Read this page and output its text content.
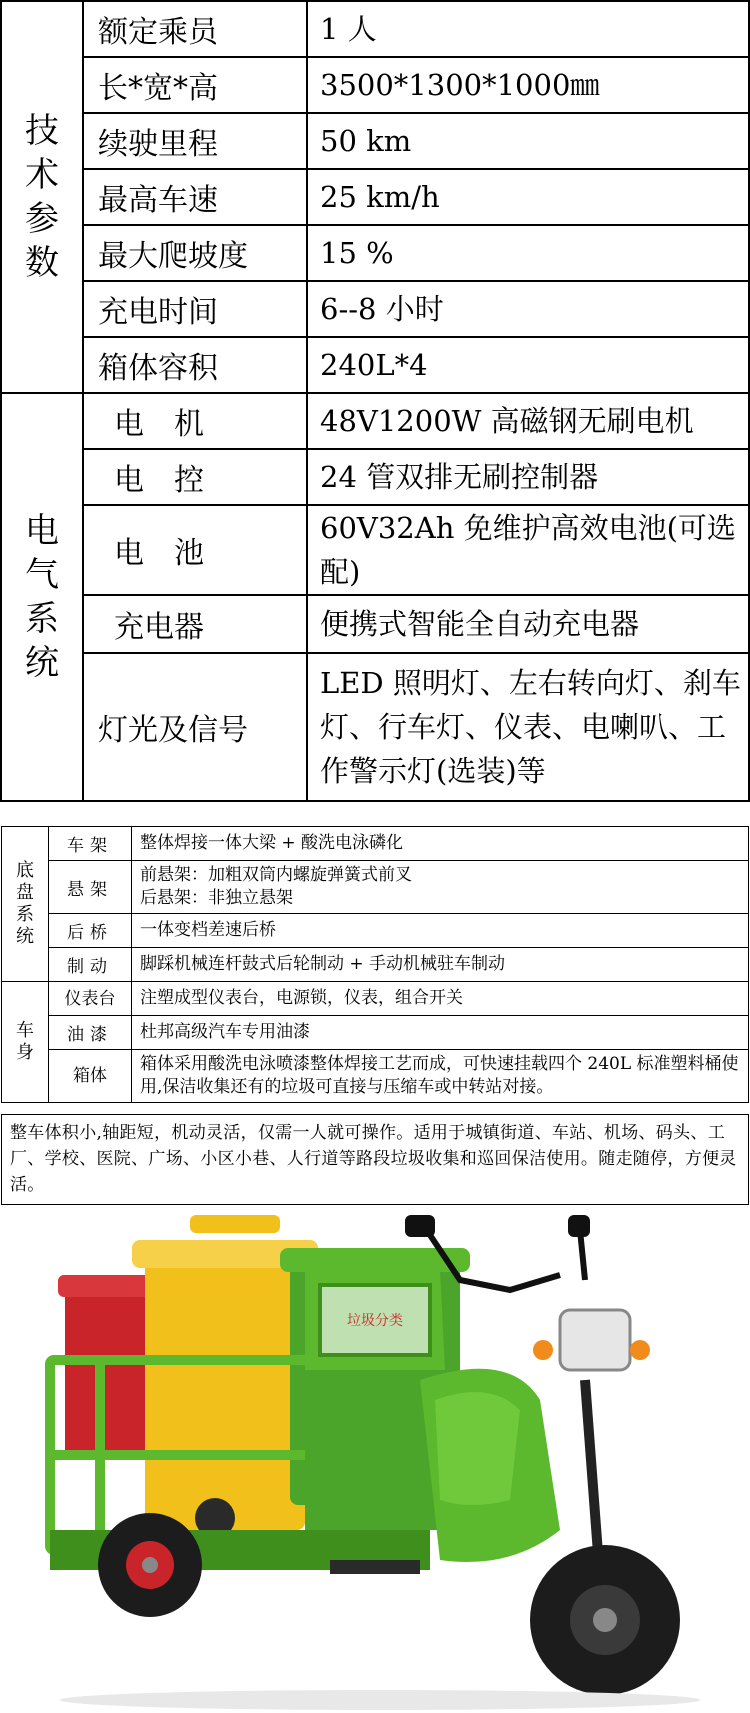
技
术
参
数	额定乘员	1 人
	长*宽*高	3500*1300*1000㎜
	续驶里程	50 km
	最高车速	25 km/h
	最大爬坡度	15 %
	充电时间	6--8 小时
	箱体容积	240L*4

电
气
系
统	电机	48V1200W 高磁钢无刷电机
	电控	24 管双排无刷控制器
	电池	60V32Ah 免维护高效电池(可选配)
	充电器	便携式智能全自动充电器
	灯光及信号	LED 照明灯、左右转向灯、刹车灯、行车灯、仪表、电喇叭、工作警示灯(选装)等
底
盘
系
统	车架	整体焊接一体大梁 + 酸洗电泳磷化
	悬架	前悬架：加粗双筒内螺旋弹簧式前叉
后悬架：非独立悬架

	后桥	一体变档差速后桥
	制动	脚踩机械连杆鼓式后轮制动 + 手动机械驻车制动

车
身	仪表台	注塑成型仪表台，电源锁，仪表，组合开关
	油漆	杜邦高级汽车专用油漆
	箱体	箱体采用酸洗电泳喷漆整体焊接工艺而成，可快速挂载四个 240L 标准塑料桶使用,保洁收集还有的垃圾可直接与压缩车或中转站对接。
整车体积小,轴距短，机动灵活，仅需一人就可操作。适用于城镇街道、车站、机场、码头、工厂、学校、医院、广场、小区小巷、人行道等路段垃圾收集和巡回保洁使用。随走随停，方便灵活。
垃圾分类
